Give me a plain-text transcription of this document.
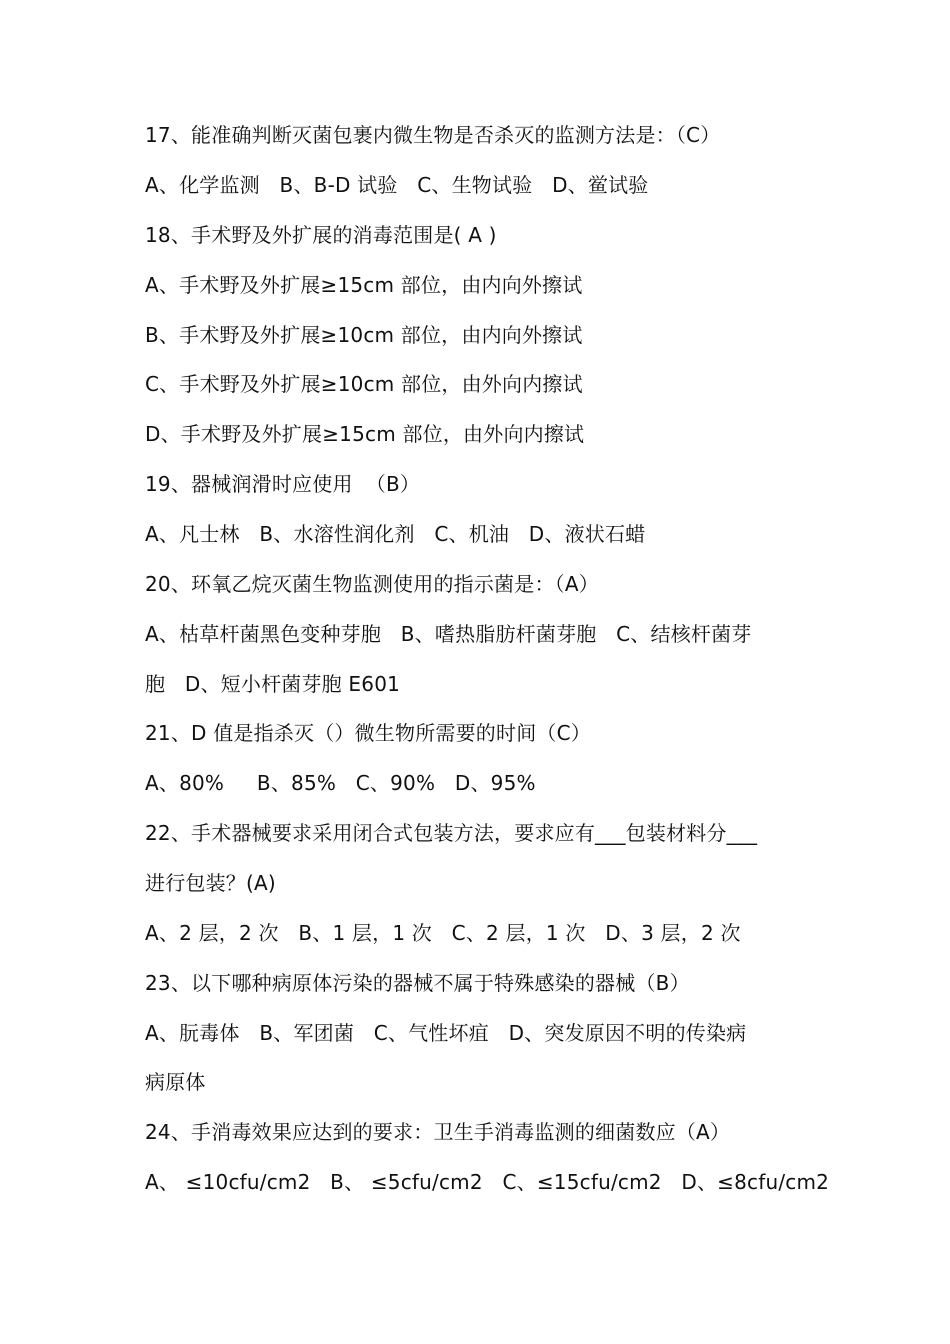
17、能准确判断灭菌包裹内微生物是否杀灭的监测方法是：（C）
A、化学监测   B、B-D 试验   C、生物试验   D、鲎试验
18、手术野及外扩展的消毒范围是( A )
A、手术野及外扩展≥15cm 部位，由内向外擦试
B、手术野及外扩展≥10cm 部位，由内向外擦试
C、手术野及外扩展≥10cm 部位，由外向内擦试
D、手术野及外扩展≥15cm 部位，由外向内擦试
19、器械润滑时应使用  （B）
A、凡士林   B、水溶性润化剂   C、机油   D、液状石蜡
20、环氧乙烷灭菌生物监测使用的指示菌是：（A）
A、枯草杆菌黑色变种芽胞   B、嗜热脂肪杆菌芽胞   C、结核杆菌芽
胞   D、短小杆菌芽胞 E601
21、D 值是指杀灭（）微生物所需要的时间（C）
A、80%     B、85%   C、90%   D、95%
22、手术器械要求采用闭合式包装方法，要求应有___包装材料分___
进行包装？(A)
A、2 层，2 次   B、1 层，1 次   C、2 层，1 次   D、3 层，2 次
23、以下哪种病原体污染的器械不属于特殊感染的器械（B）
A、朊毒体   B、军团菌   C、气性坏疽   D、突发原因不明的传染病
病原体
24、手消毒效果应达到的要求：卫生手消毒监测的细菌数应（A）
A、 ≤10cfu/cm2   B、 ≤5cfu/cm2   C、≤15cfu/cm2   D、≤8cfu/cm2
